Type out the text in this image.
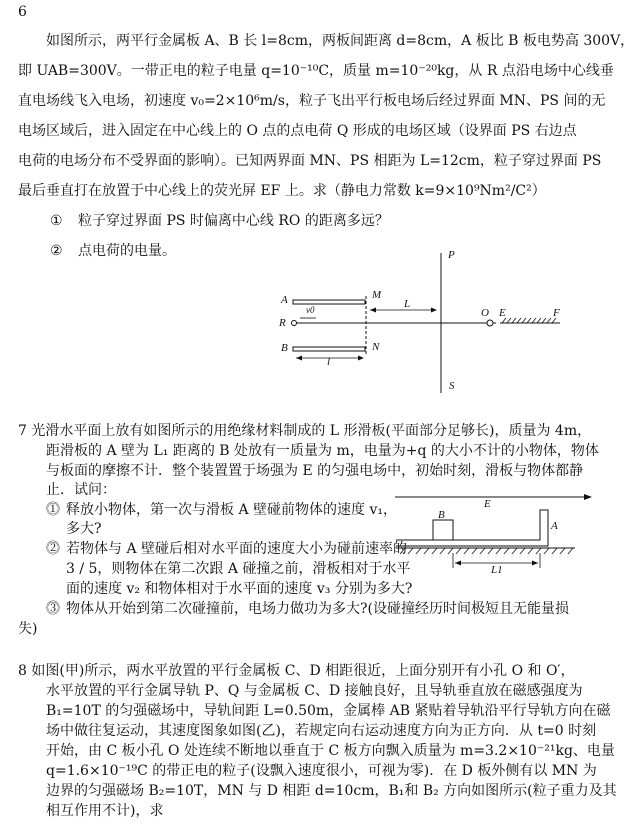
6
如图所示，两平行金属板 A、B 长 l=8cm，两板间距离 d=8cm，A 板比 B 板电势高 300V，
即 UAB=300V。一带正电的粒子电量 q=10⁻¹⁰C，质量 m=10⁻²⁰kg，从 R 点沿电场中心线垂
直电场线飞入电场，初速度 v₀=2×10⁶m/s，粒子飞出平行板电场后经过界面 MN、PS 间的无
电场区域后，进入固定在中心线上的 O 点的点电荷 Q 形成的电场区域（设界面 PS 右边点
电荷的电场分布不受界面的影响）。已知两界面 MN、PS 相距为 L=12cm，粒子穿过界面 PS
最后垂直打在放置于中心线上的荧光屏 EF 上。求（静电力常数 k=9×10⁹Nm²/C²）
① 粒子穿过界面 PS 时偏离中心线 RO 的距离多远？
② 点电荷的电量。
A
B
M
N
R
v0	L
l
P
S
O E	F
7 光滑水平面上放有如图所示的用绝缘材料制成的 L 形滑板(平面部分足够长)，质量为 4m，
距滑板的 A 壁为 L₁ 距离的 B 处放有一质量为 m，电量为+q 的大小不计的小物体，物体
与板面的摩擦不计．整个装置置于场强为 E 的匀强电场中，初始时刻，滑板与物体都静
止．试问：
⓵ 释放小物体，第一次与滑板 A 壁碰前物体的速度 v₁，
多大?
⓶ 若物体与 A 壁碰后相对水平面的速度大小为碰前速率的
3 / 5，则物体在第二次跟 A 碰撞之前，滑板相对于水平
面的速度 v₂ 和物体相对于水平面的速度 v₃ 分别为多大?
⓷ 物体从开始到第二次碰撞前，电场力做功为多大?(设碰撞经历时间极短且无能量损
失)
E
B
A
L1
8 如图(甲)所示，两水平放置的平行金属板 C、D 相距很近，上面分别开有小孔 O 和 O′，
水平放置的平行金属导轨 P、Q 与金属板 C、D 接触良好，且导轨垂直放在磁感强度为
B₁=10T 的匀强磁场中，导轨间距 L=0.50m，金属棒 AB 紧贴着导轨沿平行导轨方向在磁
场中做往复运动，其速度图象如图(乙)，若规定向右运动速度方向为正方向．从 t=0 时刻
开始，由 C 板小孔 O 处连续不断地以垂直于 C 板方向飘入质量为 m=3.2×10⁻²¹kg、电量
q=1.6×10⁻¹⁹C 的带正电的粒子(设飘入速度很小，可视为零)．在 D 板外侧有以 MN 为
边界的匀强磁场 B₂=10T，MN 与 D 相距 d=10cm，B₁和 B₂ 方向如图所示(粒子重力及其
相互作用不计)，求
